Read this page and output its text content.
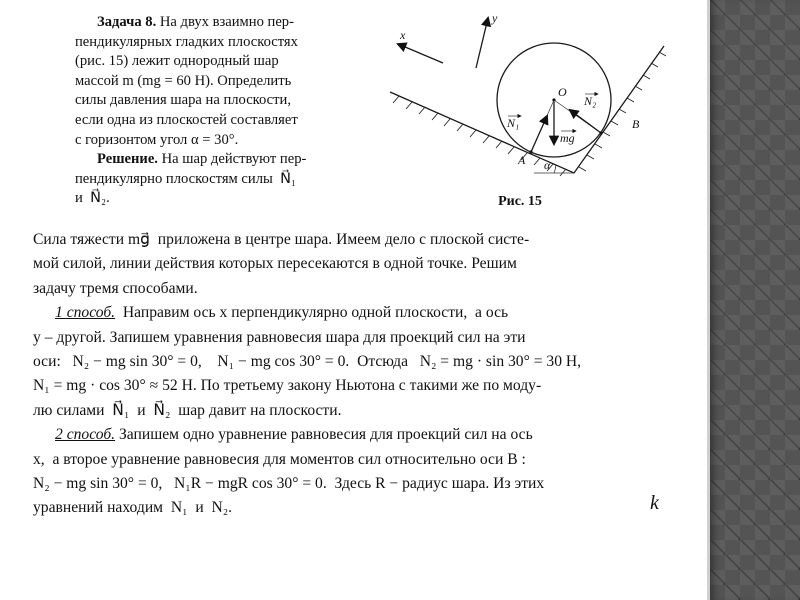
Задача 8. На двух взаимно пер-
пендикулярных гладких плоскостях
(рис. 15) лежит однородный шар
массой m (mg = 60 Н). Определить
силы давления шара на плоскости,
если одна из плоскостей составляет
с горизонтом угол α = 30°.
Решение. На шар действуют пер-
пендикулярно плоскостям силы  N⃗₁
и  N⃗₂.
y
x
O
A
B
α
N₁
N₂
mg
Рис. 15
Сила тяжести mg⃗  приложена в центре шара. Имеем дело с плоской систе-
мой силой, линии действия которых пересекаются в одной точке. Решим
задачу тремя способами.
1 способ.  Направим ось x перпендикулярно одной плоскости,  а ось
y – другой. Запишем уравнения равновесия шара для проекций сил на эти
оси:   N₂ − mg sin 30° = 0,    N₁ − mg cos 30° = 0.  Отсюда   N₂ = mg · sin 30° = 30 Н,
N₁ = mg · cos 30° ≈ 52 Н. По третьему закону Ньютона с такими же по моду-
лю силами  N⃗₁  и  N⃗₂  шар давит на плоскости.
2 способ. Запишем одно уравнение равновесия для проекций сил на ось
x,  а второе уравнение равновесия для моментов сил относительно оси B :
N₂ − mg sin 30° = 0,   N₁R − mgR cos 30° = 0.  Здесь R − радиус шара. Из этих
уравнений находим  N₁  и  N₂.	k
